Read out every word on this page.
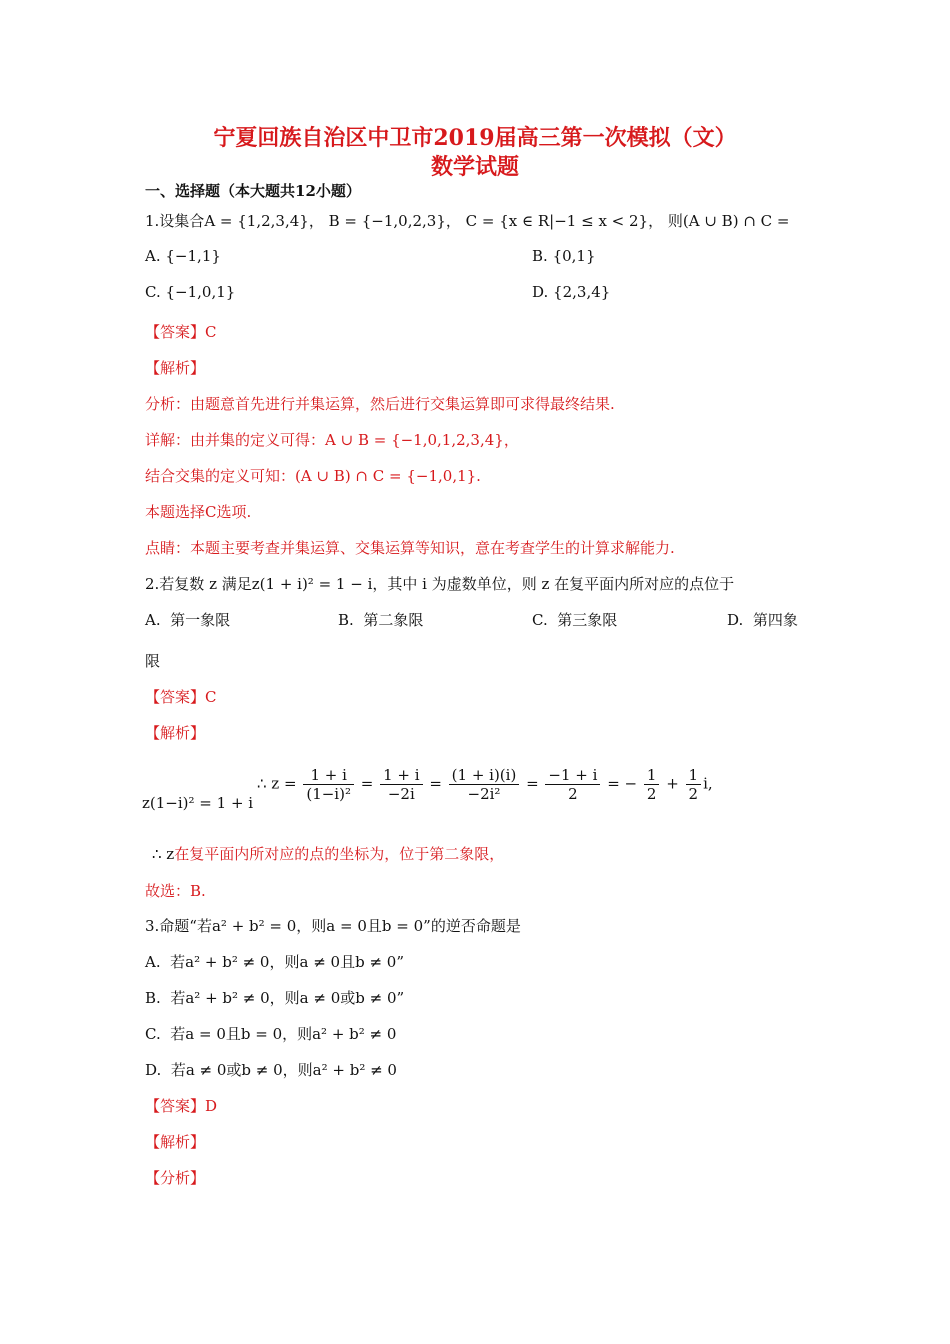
宁夏回族自治区中卫市2019届高三第一次模拟（文）
数学试题
一、选择题（本大题共12小题）
1.设集合A = {1,2,3,4}， B = {−1,0,2,3}， C = {x ∈ R|−1 ≤ x < 2}， 则(A ∪ B) ∩ C =
A. {−1,1}	B. {0,1}
C. {−1,0,1}	D. {2,3,4}
【答案】C
【解析】
分析：由题意首先进行并集运算，然后进行交集运算即可求得最终结果.
详解：由并集的定义可得：A ∪ B = {−1,0,1,2,3,4}，
结合交集的定义可知：(A ∪ B) ∩ C = {−1,0,1}.
本题选择C选项.
点睛：本题主要考查并集运算、交集运算等知识，意在考查学生的计算求解能力.
2.若复数 z 满足z(1 + i)² = 1 − i，其中 i 为虚数单位，则 z 在复平面内所对应的点位于
A. 第一象限	B. 第二象限	C. 第三象限	D. 第四象
限
【答案】C
【解析】
z(1−i)² = 1 + i
∴ $z = \frac{1 + i}{\text{(1−i)²}} = \frac{1 + i}{-2i} = \frac{(1 + i)(i)}{\text{−2i²}} = \frac{-1 + i}{2}$ = − $\frac{1}{2} + \frac{1}{2} i$,
∴ z在复平面内所对应的点的坐标为，位于第二象限，
故选：B.
3.命题“若a² + b² = 0，则a = 0且b = 0”的逆否命题是
A. 若a² + b² ≠ 0，则a ≠ 0且b ≠ 0”
B. 若a² + b² ≠ 0，则a ≠ 0或b ≠ 0”
C. 若a = 0且b = 0，则a² + b² ≠ 0
D. 若a ≠ 0或b ≠ 0，则a² + b² ≠ 0
【答案】D
【解析】
【分析】
